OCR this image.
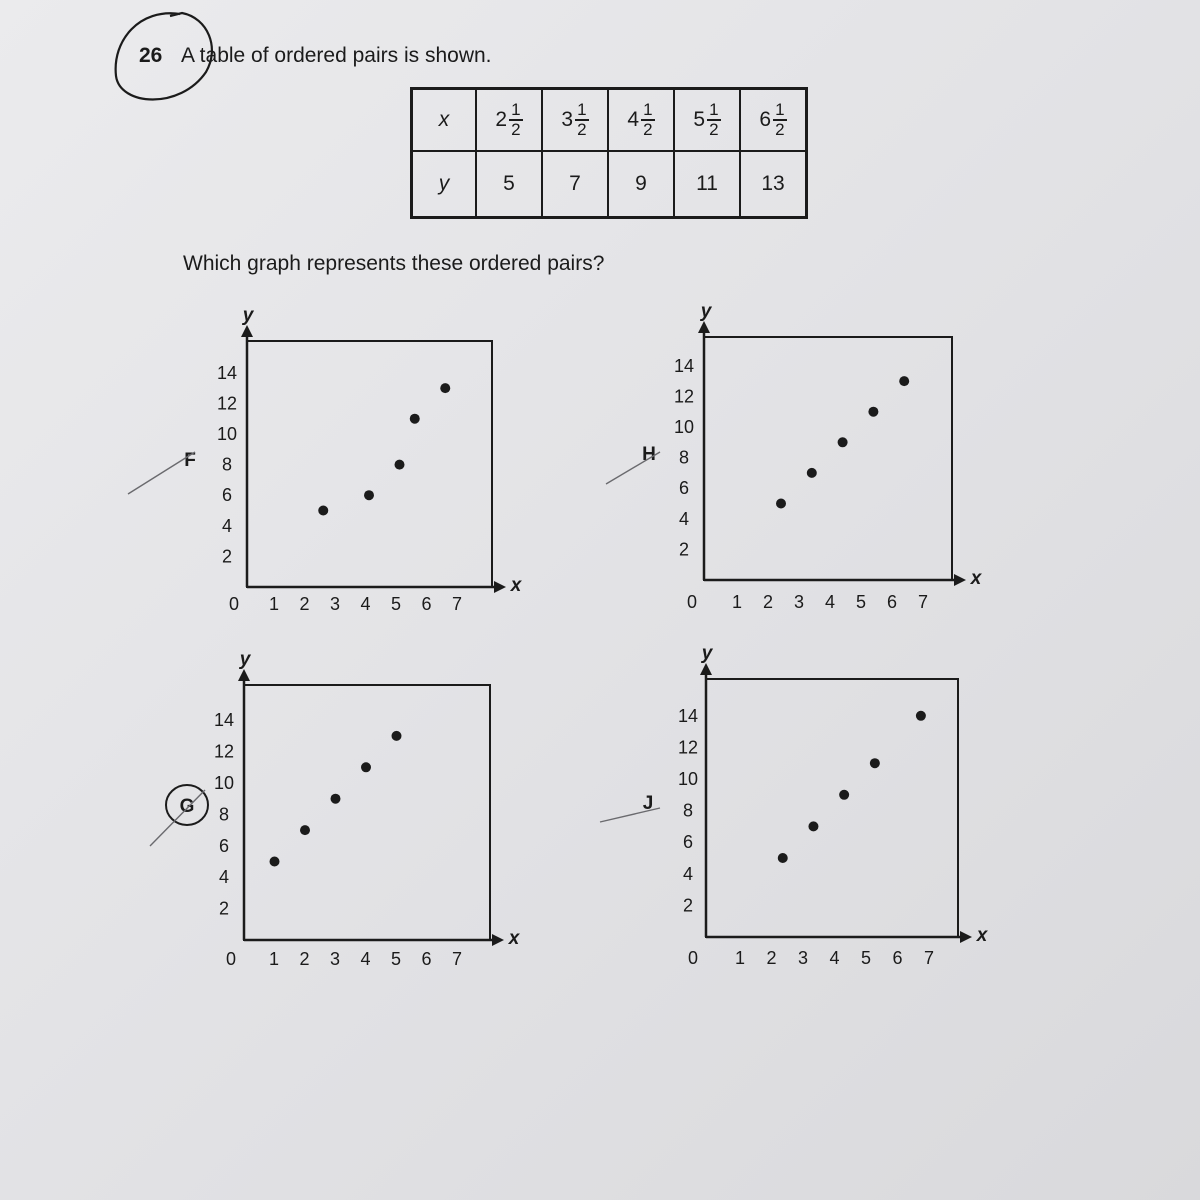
26 A table of ordered pairs is shown.
x	$2 \frac{1}{2}$	$3 \frac{1}{2}$	$4 \frac{1}{2}$	$5 \frac{1}{2}$	$6 \frac{1}{2}$

y	5	7	9	11	13
Which graph represents these ordered pairs?
y
x
0 1 2 3 4 5 6 7
2
4
6
8
10
12
14
F
y
x
0 1 2 3 4 5 6 7
2
4
6
8
10
12
14
H
y
x
0 1 2 3 4 5 6 7
2
4
6
8
10
12
14
G
y
x
0 1 2 3 4 5 6 7
2
4
6
8
10
12
14
J
